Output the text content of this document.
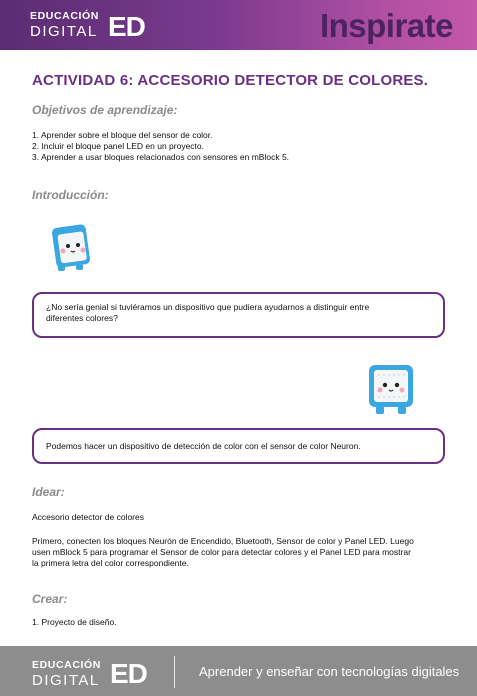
EDUCACIÓN
DIGITAL ED	Inspirate
ACTIVIDAD 6: ACCESORIO DETECTOR DE COLORES.
Objetivos de aprendizaje:
1. Aprender sobre el bloque del sensor de color.
2. Incluir el bloque panel LED en un proyecto.
3. Aprender a usar bloques relacionados con sensores en mBlock 5.
Introducción:
¿No sería genial si tuviéramos un dispositivo que pudiera ayudarnos a distinguir entre
diferentes colores?
Podemos hacer un dispositivo de detección de color con el sensor de color Neuron.
Idear:
Accesorio detector de colores
Primero, conecten los bloques Neurón de Encendido, Bluetooth, Sensor de color y Panel LED. Luego
usen mBlock 5 para programar el Sensor de color para detectar colores y el Panel LED para mostrar
la primera letra del color correspondiente.
Crear:
1. Proyecto de diseño.
EDUCACIÓN
DIGITAL ED	Aprender y enseñar con tecnologías digitales
